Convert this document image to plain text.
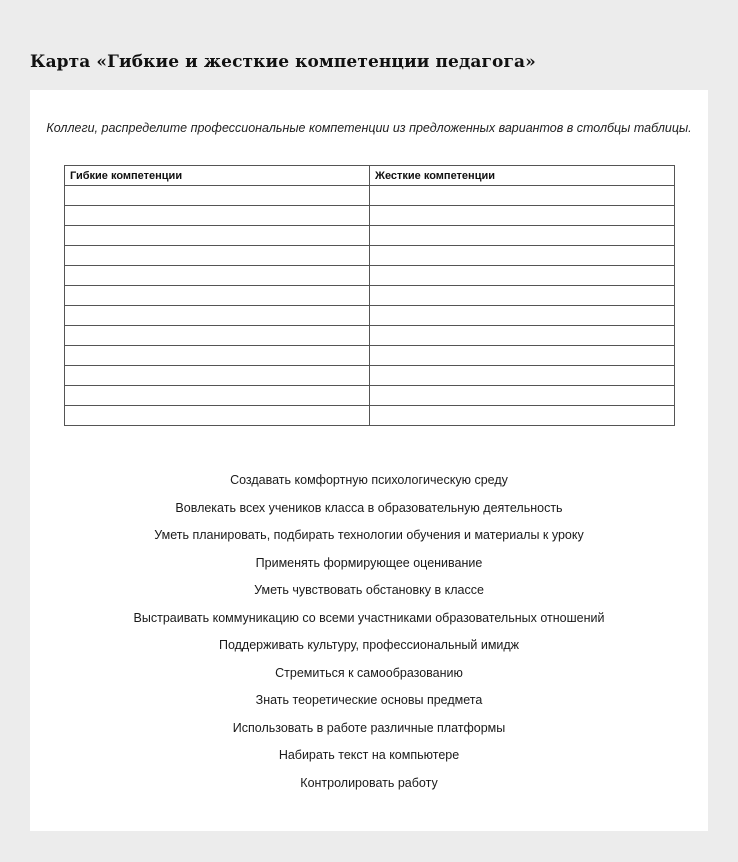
Карта «Гибкие и жесткие компетенции педагога»
Коллеги, распределите профессиональные компетенции из предложенных вариантов в столбцы таблицы.
Гибкие компетенции	Жесткие компетенции

Создавать комфортную психологическую среду
Вовлекать всех учеников класса в образовательную деятельность
Уметь планировать, подбирать технологии обучения и материалы к уроку
Применять формирующее оценивание
Уметь чувствовать обстановку в классе
Выстраивать коммуникацию со всеми участниками образовательных отношений
Поддерживать культуру, профессиональный имидж
Стремиться к самообразованию
Знать теоретические основы предмета
Использовать в работе различные платформы
Набирать текст на компьютере
Контролировать работу
